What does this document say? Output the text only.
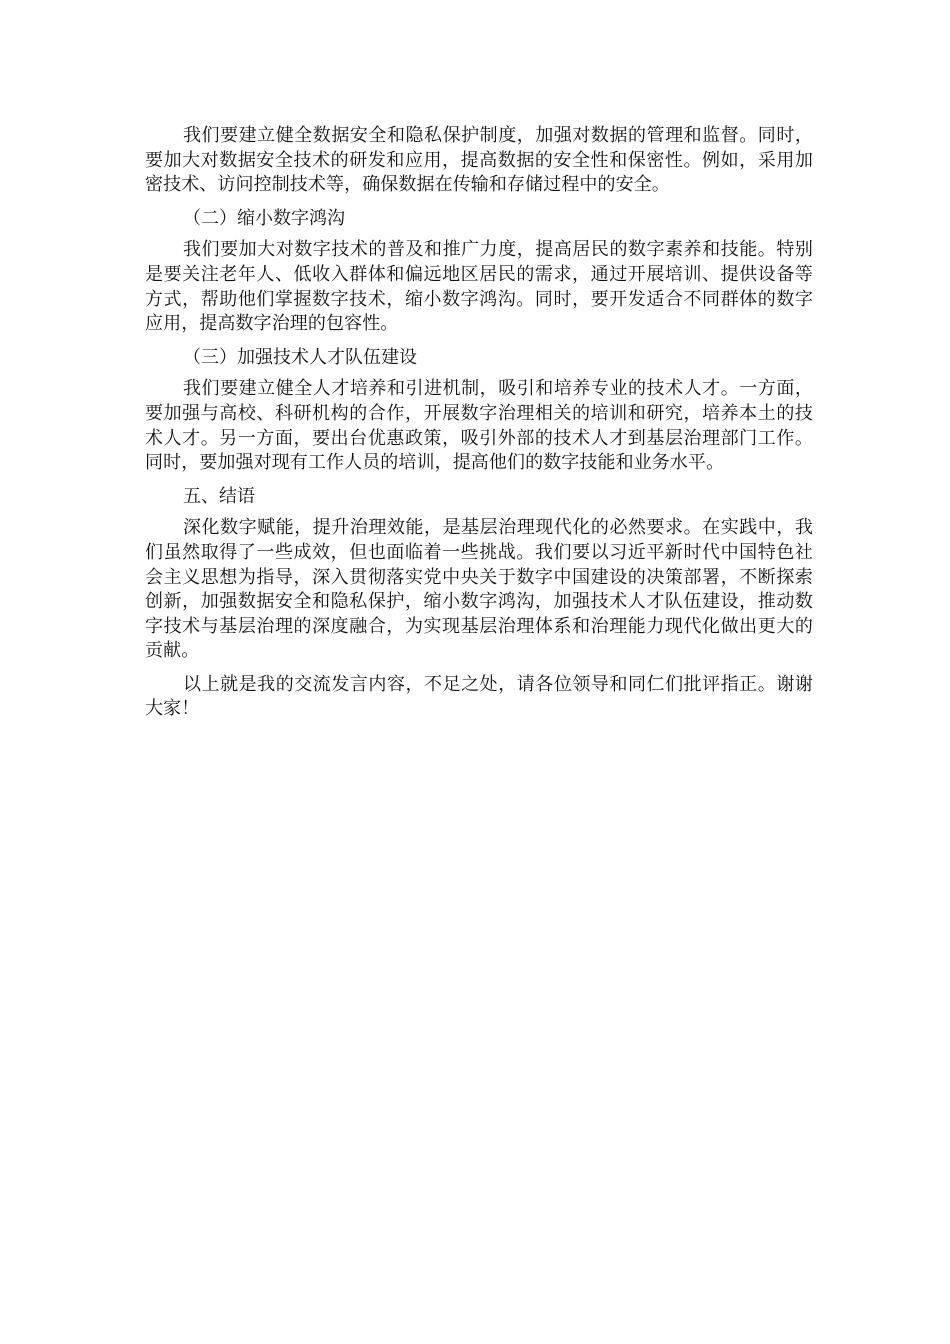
我们要建立健全数据安全和隐私保护制度，加强对数据的管理和监督。同时，要加大对数据安全技术的研发和应用，提高数据的安全性和保密性。例如，采用加密技术、访问控制技术等，确保数据在传输和存储过程中的安全。

（二）缩小数字鸿沟

我们要加大对数字技术的普及和推广力度，提高居民的数字素养和技能。特别是要关注老年人、低收入群体和偏远地区居民的需求，通过开展培训、提供设备等方式，帮助他们掌握数字技术，缩小数字鸿沟。同时，要开发适合不同群体的数字应用，提高数字治理的包容性。

（三）加强技术人才队伍建设

我们要建立健全人才培养和引进机制，吸引和培养专业的技术人才。一方面，要加强与高校、科研机构的合作，开展数字治理相关的培训和研究，培养本土的技术人才。另一方面，要出台优惠政策，吸引外部的技术人才到基层治理部门工作。同时，要加强对现有工作人员的培训，提高他们的数字技能和业务水平。

五、结语

深化数字赋能，提升治理效能，是基层治理现代化的必然要求。在实践中，我们虽然取得了一些成效，但也面临着一些挑战。我们要以习近平新时代中国特色社会主义思想为指导，深入贯彻落实党中央关于数字中国建设的决策部署，不断探索创新，加强数据安全和隐私保护，缩小数字鸿沟，加强技术人才队伍建设，推动数字技术与基层治理的深度融合，为实现基层治理体系和治理能力现代化做出更大的贡献。

以上就是我的交流发言内容，不足之处，请各位领导和同仁们批评指正。谢谢大家！
